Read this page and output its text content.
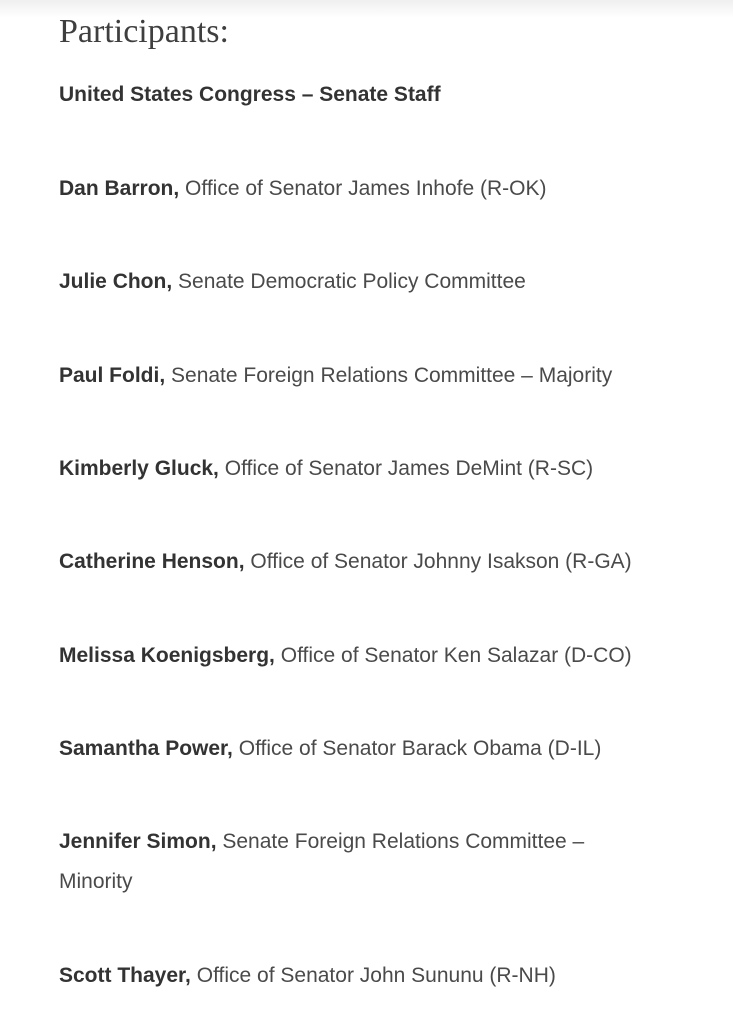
Participants:

United States Congress – Senate Staff

Dan Barron, Office of Senator James Inhofe (R-OK)

Julie Chon, Senate Democratic Policy Committee

Paul Foldi, Senate Foreign Relations Committee – Majority

Kimberly Gluck, Office of Senator James DeMint (R-SC)

Catherine Henson, Office of Senator Johnny Isakson (R-GA)

Melissa Koenigsberg, Office of Senator Ken Salazar (D-CO)

Samantha Power, Office of Senator Barack Obama (D-IL)

Jennifer Simon, Senate Foreign Relations Committee – Minority

Scott Thayer, Office of Senator John Sununu (R-NH)
